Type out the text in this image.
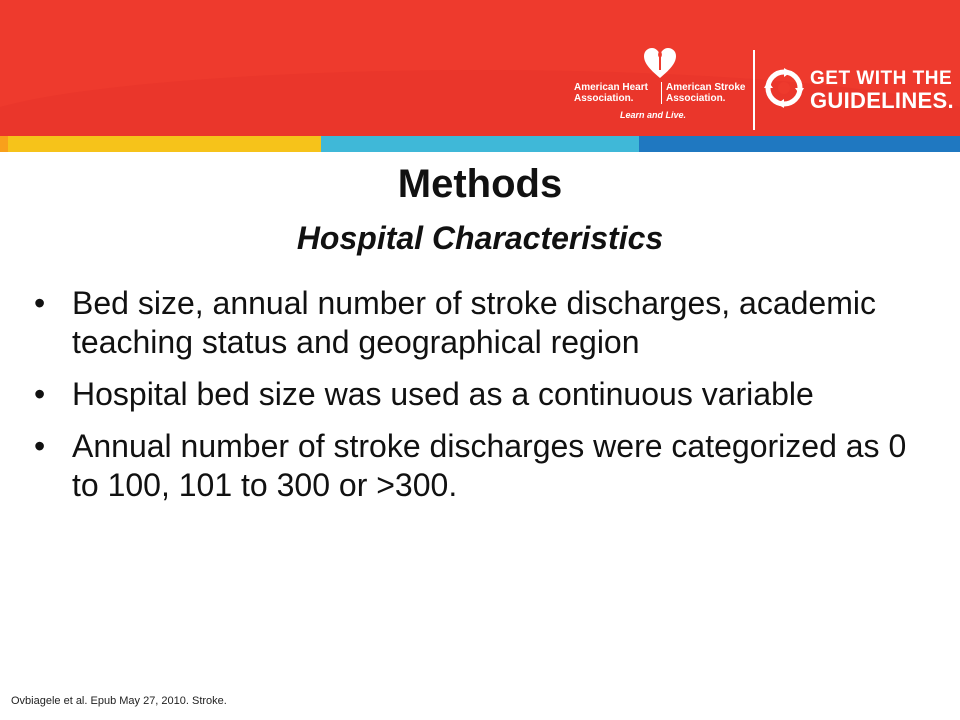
American Heart
Association.
American Stroke
Association.
Learn and Live.
GET WITH THE
GUIDELINES.
Methods
Hospital Characteristics
• Bed size, annual number of stroke discharges, academic teaching status and geographical region
• Hospital bed size was used as a continuous variable
• Annual number of stroke discharges were categorized as 0 to 100, 101 to 300 or >300.
Ovbiagele et al. Epub May 27, 2010. Stroke.
